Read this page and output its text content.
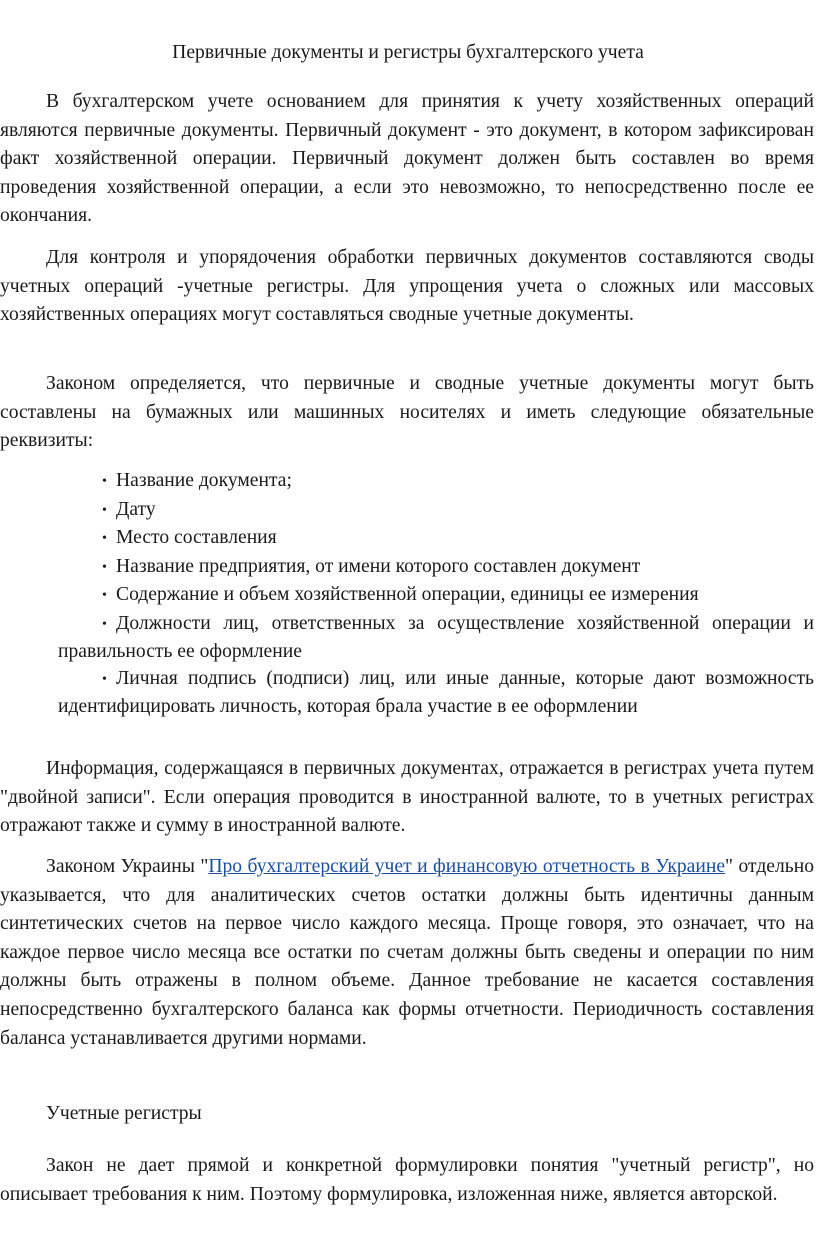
Первичные документы и регистры бухгалтерского учета

В бухгалтерском учете основанием для принятия к учету хозяйственных операций являются первичные документы. Первичный документ - это документ, в котором зафиксирован факт хозяйственной операции. Первичный документ должен быть составлен во время проведения хозяйственной операции, а если это невозможно, то непосредственно после ее окончания.

Для контроля и упорядочения обработки первичных документов составляются своды учетных операций -учетные регистры. Для упрощения учета о сложных или массовых хозяйственных операциях могут составляться сводные учетные документы.

Законом определяется, что первичные и сводные учетные документы могут быть составлены на бумажных или машинных носителях и иметь следующие обязательные реквизиты:

• Название документа;
• Дату
• Место составления
• Название предприятия, от имени которого составлен документ
• Содержание и объем хозяйственной операции, единицы ее измерения
• Должности лиц, ответственных за осуществление хозяйственной операции и правильность ее оформление
• Личная подпись (подписи) лиц, или иные данные, которые дают возможность идентифицировать личность, которая брала участие в ее оформлении

Информация, содержащаяся в первичных документах, отражается в регистрах учета путем "двойной записи". Если операция проводится в иностранной валюте, то в учетных регистрах отражают также и сумму в иностранной валюте.

Законом Украины "Про бухгалтерский учет и финансовую отчетность в Украине" отдельно указывается, что для аналитических счетов остатки должны быть идентичны данным синтетических счетов на первое число каждого месяца. Проще говоря, это означает, что на каждое первое число месяца все остатки по счетам должны быть сведены и операции по ним должны быть отражены в полном объеме. Данное требование не касается составления непосредственно бухгалтерского баланса как формы отчетности. Периодичность составления баланса устанавливается другими нормами.

Учетные регистры

Закон не дает прямой и конкретной формулировки понятия "учетный регистр", но описывает требования к ним. Поэтому формулировка, изложенная ниже, является авторской.
